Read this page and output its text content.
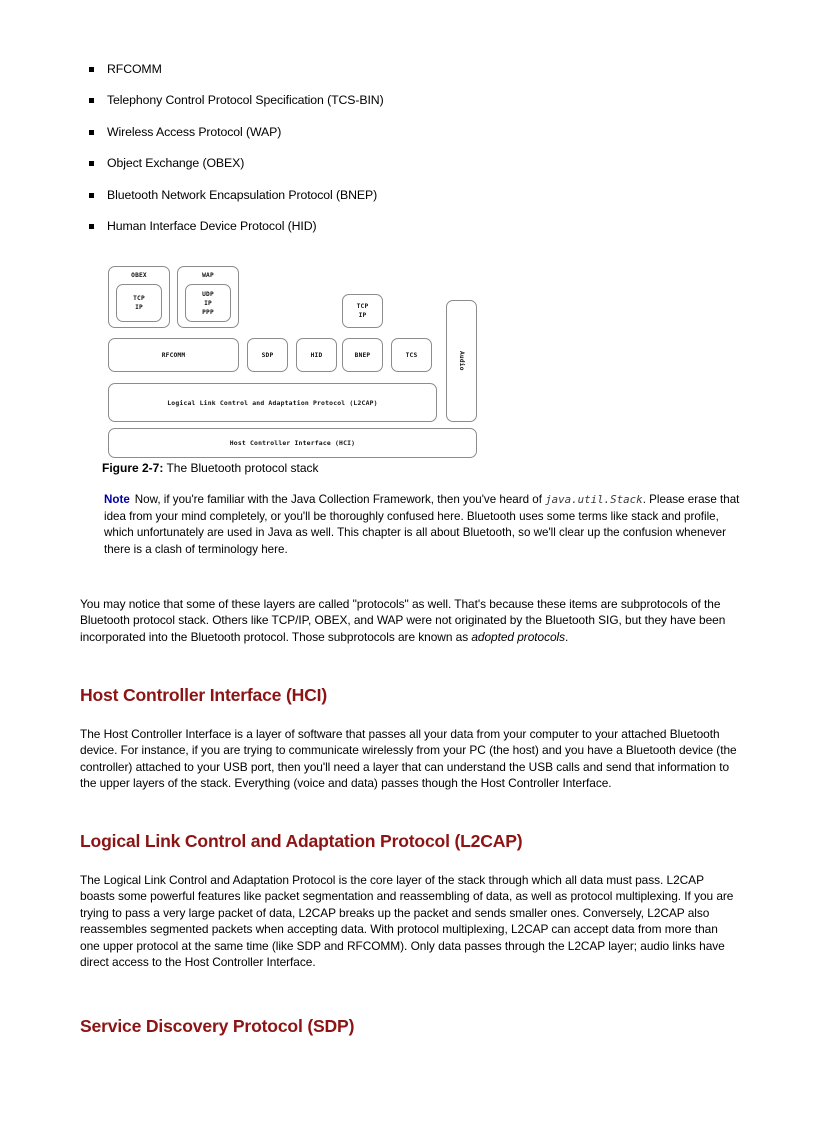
RFCOMM
Telephony Control Protocol Specification (TCS-BIN)
Wireless Access Protocol (WAP)
Object Exchange (OBEX)
Bluetooth Network Encapsulation Protocol (BNEP)
Human Interface Device Protocol (HID)
OBEX
TCP
IP
WAP
UDP
IP
PPP
TCP
IP
RFCOMM	SDP	HID	BNEP	TCS	Audio
Logical Link Control and Adaptation Protocol (L2CAP)
Host Controller Interface (HCI)
Figure 2-7: The Bluetooth protocol stack
Note Now, if you're familiar with the Java Collection Framework, then you've heard of java.util.Stack. Please erase that idea from your mind completely, or you'll be thoroughly confused here. Bluetooth uses some terms like stack and profile, which unfortunately are used in Java as well. This chapter is all about Bluetooth, so we'll clear up the confusion whenever there is a clash of terminology here.
You may notice that some of these layers are called "protocols" as well. That's because these items are subprotocols of the Bluetooth protocol stack. Others like TCP/IP, OBEX, and WAP were not originated by the Bluetooth SIG, but they have been incorporated into the Bluetooth protocol. Those subprotocols are known as adopted protocols.
Host Controller Interface (HCI)
The Host Controller Interface is a layer of software that passes all your data from your computer to your attached Bluetooth device. For instance, if you are trying to communicate wirelessly from your PC (the host) and you have a Bluetooth device (the controller) attached to your USB port, then you'll need a layer that can understand the USB calls and send that information to the upper layers of the stack. Everything (voice and data) passes though the Host Controller Interface.
Logical Link Control and Adaptation Protocol (L2CAP)
The Logical Link Control and Adaptation Protocol is the core layer of the stack through which all data must pass. L2CAP boasts some powerful features like packet segmentation and reassembling of data, as well as protocol multiplexing. If you are trying to pass a very large packet of data, L2CAP breaks up the packet and sends smaller ones. Conversely, L2CAP also reassembles segmented packets when accepting data. With protocol multiplexing, L2CAP can accept data from more than one upper protocol at the same time (like SDP and RFCOMM). Only data passes through the L2CAP layer; audio links have direct access to the Host Controller Interface.
Service Discovery Protocol (SDP)
